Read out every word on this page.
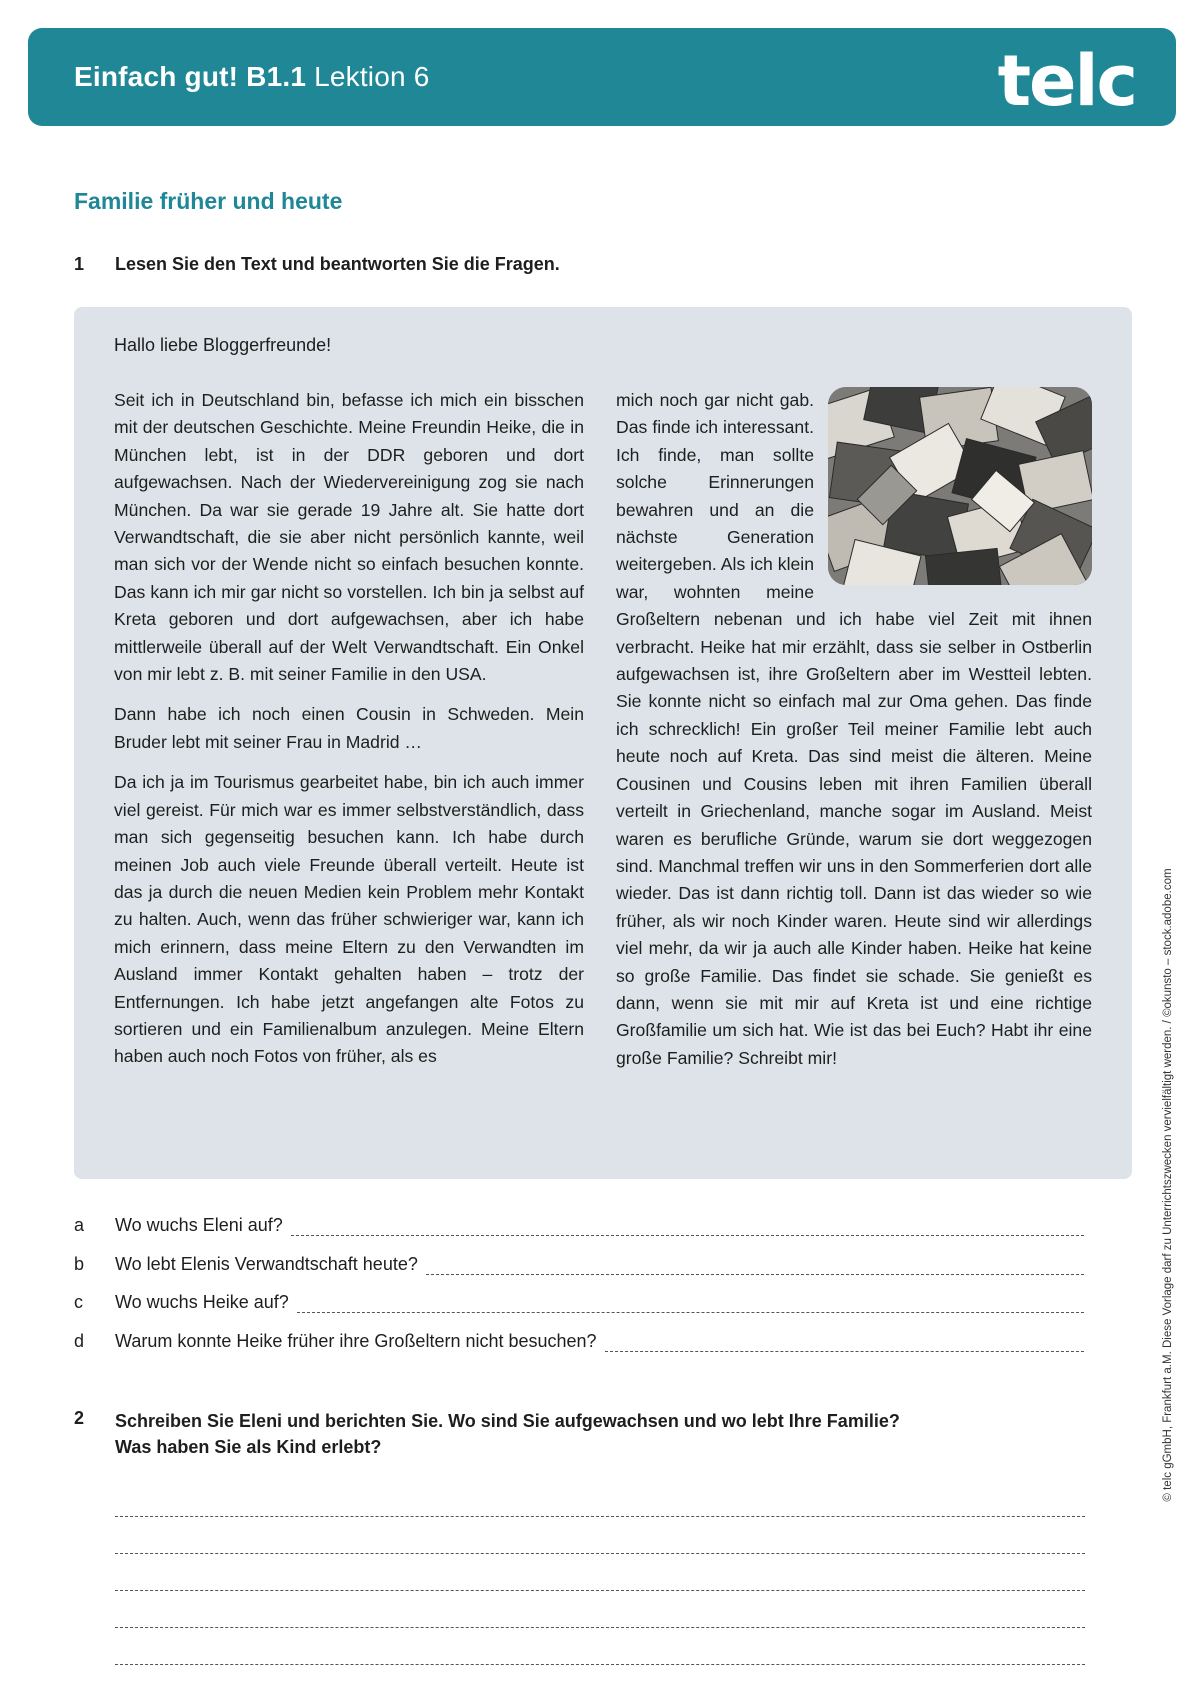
Einfach gut! B1.1 Lektion 6	telc
Familie früher und heute
1 Lesen Sie den Text und beantworten Sie die Fragen.
Hallo liebe Bloggerfreunde!

Seit ich in Deutschland bin, befasse ich mich ein bisschen mit der deutschen Geschichte. Meine Freundin Heike, die in München lebt, ist in der DDR geboren und dort aufgewachsen. Nach der Wiedervereinigung zog sie nach München. Da war sie gerade 19 Jahre alt. Sie hatte dort Verwandtschaft, die sie aber nicht persönlich kannte, weil man sich vor der Wende nicht so einfach besuchen konnte. Das kann ich mir gar nicht so vorstellen. Ich bin ja selbst auf Kreta geboren und dort aufgewachsen, aber ich habe mittlerweile überall auf der Welt Verwandtschaft. Ein Onkel von mir lebt z. B. mit seiner Familie in den USA.

Dann habe ich noch einen Cousin in Schweden. Mein Bruder lebt mit seiner Frau in Madrid …

Da ich ja im Tourismus gearbeitet habe, bin ich auch immer viel gereist. Für mich war es immer selbstverständlich, dass man sich gegenseitig besuchen kann. Ich habe durch meinen Job auch viele Freunde überall verteilt. Heute ist das ja durch die neuen Medien kein Problem mehr Kontakt zu halten. Auch, wenn das früher schwieriger war, kann ich mich erinnern, dass meine Eltern zu den Verwandten im Ausland immer Kontakt gehalten haben – trotz der Entfernungen. Ich habe jetzt angefangen alte Fotos zu sortieren und ein Familienalbum anzulegen. Meine Eltern haben auch noch Fotos von früher, als es

mich noch gar nicht gab. Das finde ich interessant. Ich finde, man sollte solche Erinnerungen bewahren und an die nächste Generation weitergeben. Als ich klein war, wohnten meine Großeltern nebenan und ich habe viel Zeit mit ihnen verbracht. Heike hat mir erzählt, dass sie selber in Ostberlin aufgewachsen ist, ihre Großeltern aber im Westteil lebten. Sie konnte nicht so einfach mal zur Oma gehen. Das finde ich schrecklich! Ein großer Teil meiner Familie lebt auch heute noch auf Kreta. Das sind meist die älteren. Meine Cousinen und Cousins leben mit ihren Familien überall verteilt in Griechenland, manche sogar im Ausland. Meist waren es berufliche Gründe, warum sie dort weggezogen sind. Manchmal treffen wir uns in den Sommerferien dort alle wieder. Das ist dann richtig toll. Dann ist das wieder so wie früher, als wir noch Kinder waren. Heute sind wir allerdings viel mehr, da wir ja auch alle Kinder haben. Heike hat keine so große Familie. Das findet sie schade. Sie genießt es dann, wenn sie mit mir auf Kreta ist und eine richtige Großfamilie um sich hat. Wie ist das bei Euch? Habt ihr eine große Familie? Schreibt mir!
a	Wo wuchs Eleni auf?
b	Wo lebt Elenis Verwandtschaft heute?
c	Wo wuchs Heike auf?
d	Warum konnte Heike früher ihre Großeltern nicht besuchen?
2 Schreiben Sie Eleni und berichten Sie. Wo sind Sie aufgewachsen und wo lebt Ihre Familie?
Was haben Sie als Kind erlebt?	© telc gGmbH, Frankfurt a.M. Diese Vorlage darf zu Unterrichtszwecken vervielfältigt werden. / ©okunsto – stock.adobe.com
